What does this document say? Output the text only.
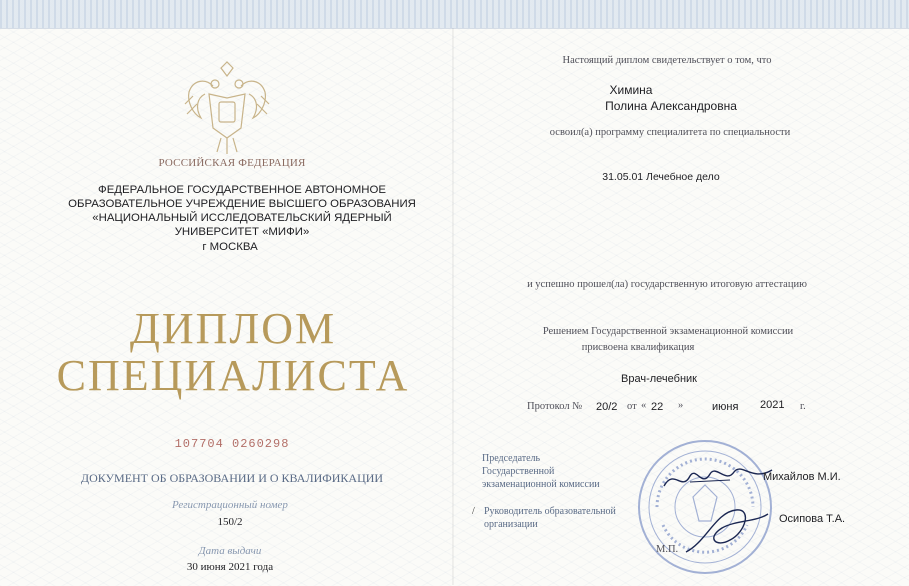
РОССИЙСКАЯ ФЕДЕРАЦИЯ

ФЕДЕРАЛЬНОЕ ГОСУДАРСТВЕННОЕ АВТОНОМНОЕ
ОБРАЗОВАТЕЛЬНОЕ УЧРЕЖДЕНИЕ ВЫСШЕГО ОБРАЗОВАНИЯ
«НАЦИОНАЛЬНЫЙ ИССЛЕДОВАТЕЛЬСКИЙ ЯДЕРНЫЙ
УНИВЕРСИТЕТ «МИФИ»

г МОСКВА

ДИПЛОМ

СПЕЦИАЛИСТА

107704 0260298

ДОКУМЕНТ ОБ ОБРАЗОВАНИИ И О КВАЛИФИКАЦИИ

Регистрационный номер

150/2

Дата выдачи

30 июня 2021 года

Настоящий диплом свидетельствует о том, что

Химина

Полина Александровна

освоил(а) программу специалитета по специальности

31.05.01 Лечебное дело

и успешно прошел(ла) государственную итоговую аттестацию

Решением Государственной экзаменационной комиссии

присвоена квалификация

Врач-лечебник

Протокол № 20/2 от « 22 »	июня 2021 г.

Председатель
Государственной
экзаменационной комиссии

Михайлов М.И.

/ Руководитель образовательной
организации	Осипова Т.А.

М.П.
